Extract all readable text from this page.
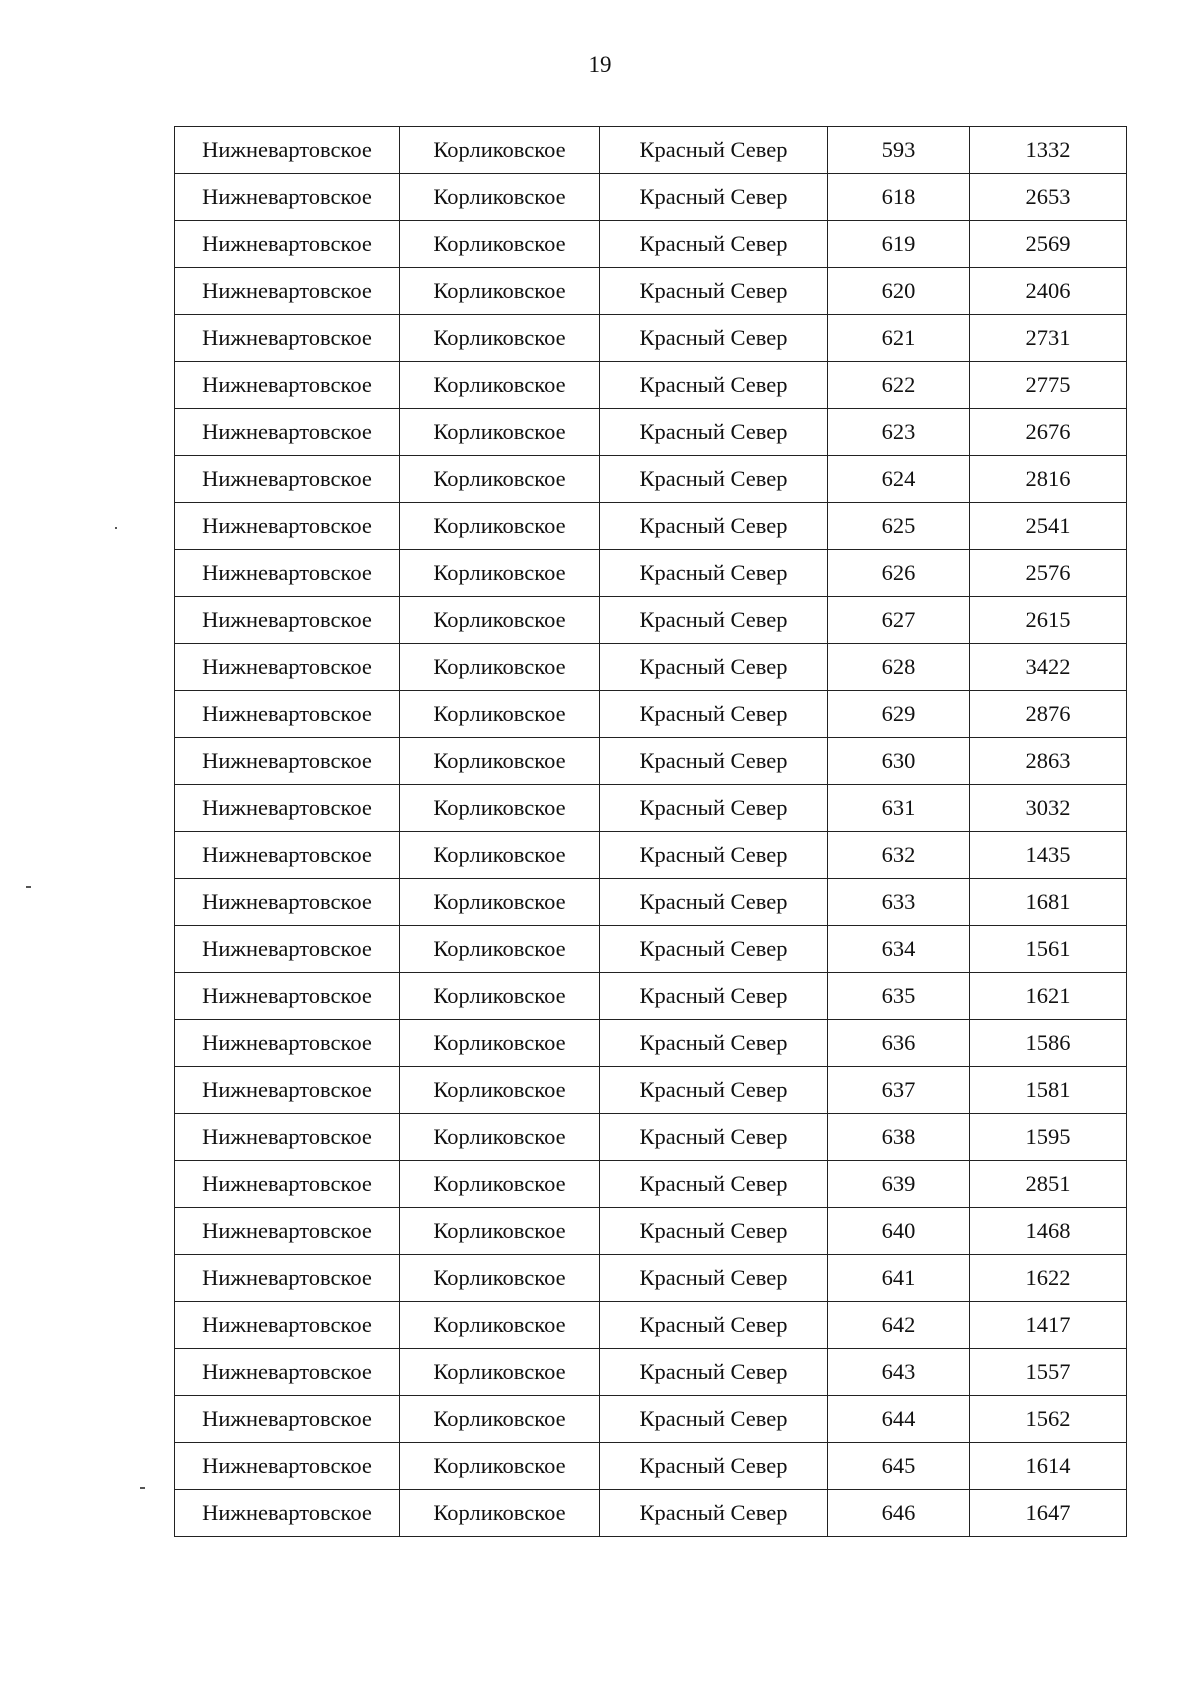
19
Нижневартовское	Корликовское	Красный Север	593	1332
Нижневартовское	Корликовское	Красный Север	618	2653
Нижневартовское	Корликовское	Красный Север	619	2569
Нижневартовское	Корликовское	Красный Север	620	2406
Нижневартовское	Корликовское	Красный Север	621	2731
Нижневартовское	Корликовское	Красный Север	622	2775
Нижневартовское	Корликовское	Красный Север	623	2676
Нижневартовское	Корликовское	Красный Север	624	2816
Нижневартовское	Корликовское	Красный Север	625	2541
Нижневартовское	Корликовское	Красный Север	626	2576
Нижневартовское	Корликовское	Красный Север	627	2615
Нижневартовское	Корликовское	Красный Север	628	3422
Нижневартовское	Корликовское	Красный Север	629	2876
Нижневартовское	Корликовское	Красный Север	630	2863
Нижневартовское	Корликовское	Красный Север	631	3032
Нижневартовское	Корликовское	Красный Север	632	1435
Нижневартовское	Корликовское	Красный Север	633	1681
Нижневартовское	Корликовское	Красный Север	634	1561
Нижневартовское	Корликовское	Красный Север	635	1621
Нижневартовское	Корликовское	Красный Север	636	1586
Нижневартовское	Корликовское	Красный Север	637	1581
Нижневартовское	Корликовское	Красный Север	638	1595
Нижневартовское	Корликовское	Красный Север	639	2851
Нижневартовское	Корликовское	Красный Север	640	1468
Нижневартовское	Корликовское	Красный Север	641	1622
Нижневартовское	Корликовское	Красный Север	642	1417
Нижневартовское	Корликовское	Красный Север	643	1557
Нижневартовское	Корликовское	Красный Север	644	1562
Нижневартовское	Корликовское	Красный Север	645	1614
Нижневартовское	Корликовское	Красный Север	646	1647
